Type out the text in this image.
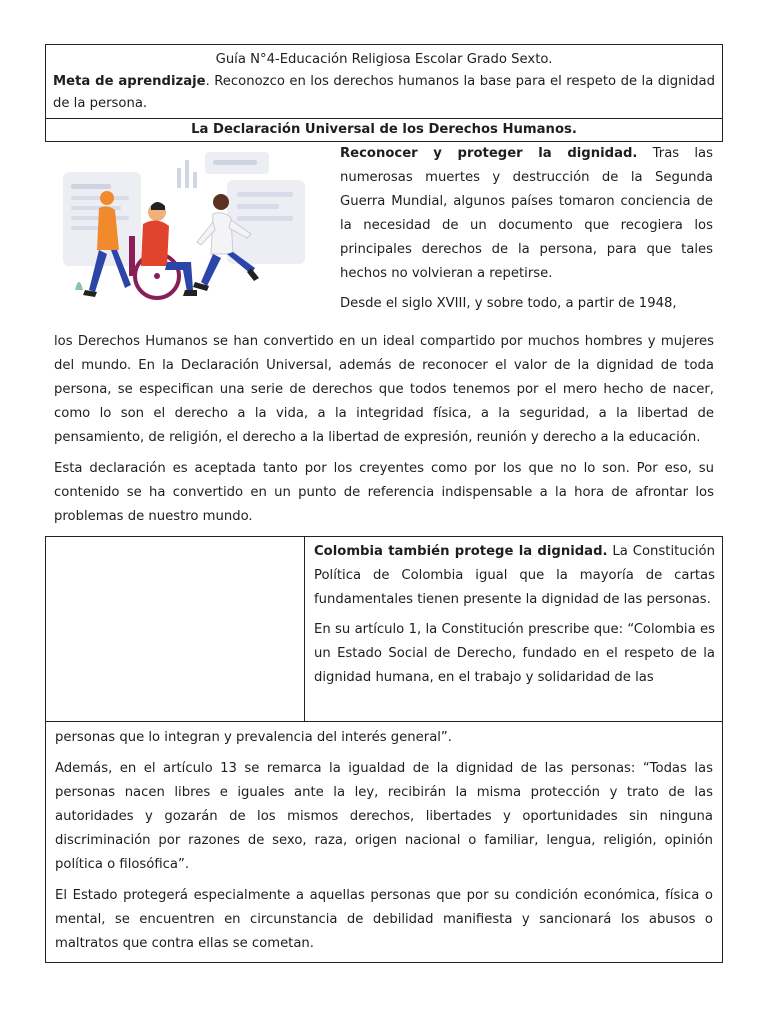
Guía N°4-Educación Religiosa Escolar Grado Sexto.
Meta de aprendizaje. Reconozco en los derechos humanos la base para el respeto de la dignidad de la persona.
La Declaración Universal de los Derechos Humanos.

Reconocer y proteger la dignidad. Tras las numerosas muertes y destrucción de la Segunda Guerra Mundial, algunos países tomaron conciencia de la necesidad de un documento que recogiera los principales derechos de la persona, para que tales hechos no volvieran a repetirse.

Desde el siglo XVIII, y sobre todo, a partir de 1948,

los Derechos Humanos se han convertido en un ideal compartido por muchos hombres y mujeres del mundo. En la Declaración Universal, además de reconocer el valor de la dignidad de toda persona, se especifican una serie de derechos que todos tenemos por el mero hecho de nacer, como lo son el derecho a la vida, a la integridad física, a la seguridad, a la libertad de pensamiento, de religión, el derecho a la libertad de expresión, reunión y derecho a la educación.

Esta declaración es aceptada tanto por los creyentes como por los que no lo son. Por eso, su contenido se ha convertido en un punto de referencia indispensable a la hora de afrontar los problemas de nuestro mundo.

Colombia también protege la dignidad. La Constitución Política de Colombia igual que la mayoría de cartas fundamentales tienen presente la dignidad de las personas.

En su artículo 1, la Constitución prescribe que: “Colombia es un Estado Social de Derecho, fundado en el respeto de la dignidad humana, en el trabajo y solidaridad de las

personas que lo integran y prevalencia del interés general”.

Además, en el artículo 13 se remarca la igualdad de la dignidad de las personas: “Todas las personas nacen libres e iguales ante la ley, recibirán la misma protección y trato de las autoridades y gozarán de los mismos derechos, libertades y oportunidades sin ninguna discriminación por razones de sexo, raza, origen nacional o familiar, lengua, religión, opinión política o filosófica”.

El Estado protegerá especialmente a aquellas personas que por su condición económica, física o mental, se encuentren en circunstancia de debilidad manifiesta y sancionará los abusos o maltratos que contra ellas se cometan.
